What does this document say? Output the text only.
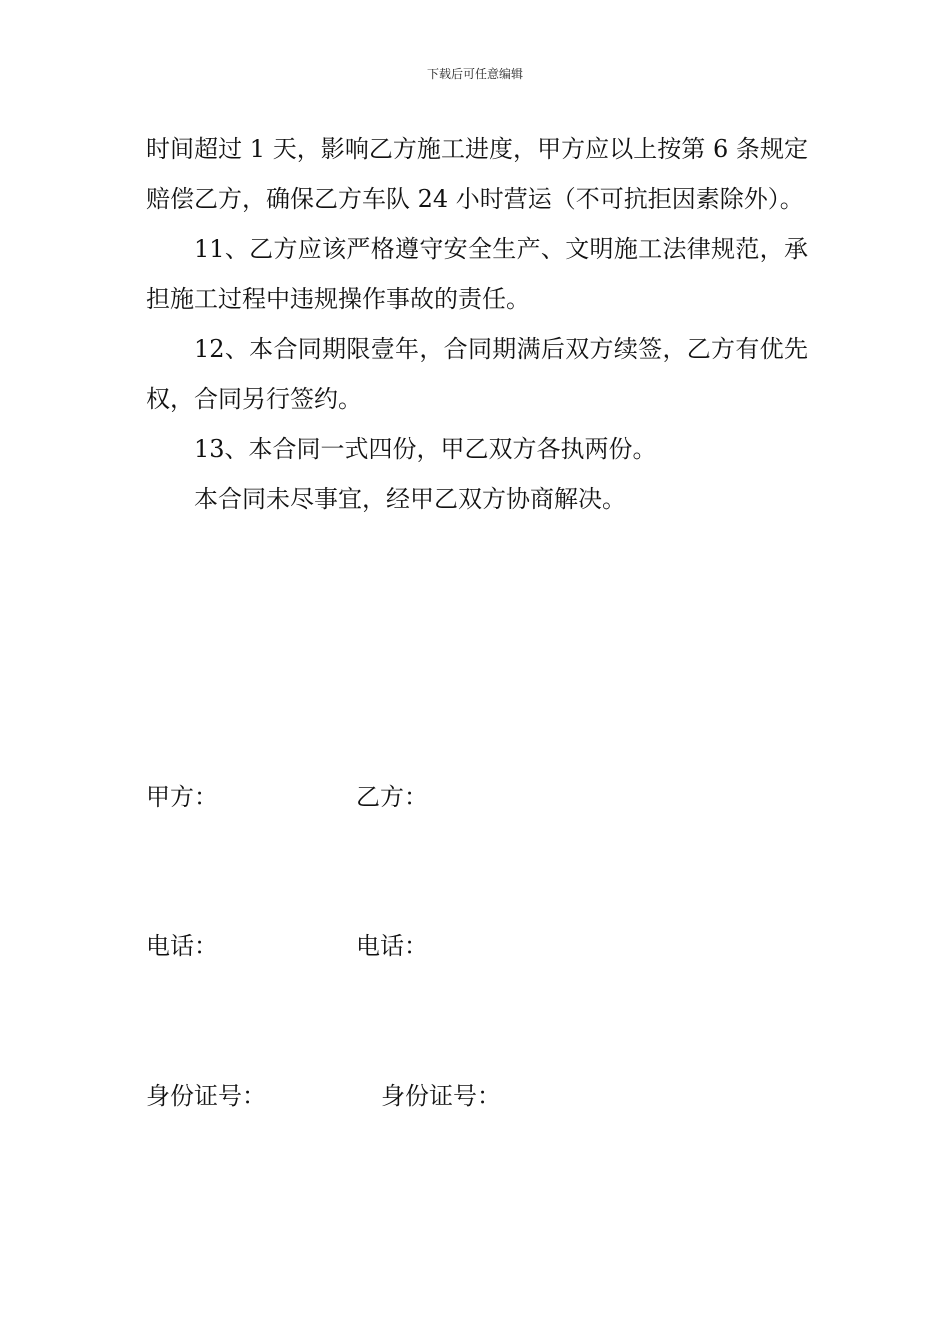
下载后可任意编辑

时间超过 1 天，影响乙方施工进度，甲方应以上按第 6 条规定赔偿乙方，确保乙方车队 24 小时营运（不可抗拒因素除外）。

11、乙方应该严格遵守安全生产、文明施工法律规范，承担施工过程中违规操作事故的责任。

12、本合同期限壹年，合同期满后双方续签，乙方有优先权，合同另行签约。

13、本合同一式四份，甲乙双方各执两份。

本合同未尽事宜，经甲乙双方协商解决。

甲方：	乙方：
电话：	电话：
身份证号：	身份证号：
